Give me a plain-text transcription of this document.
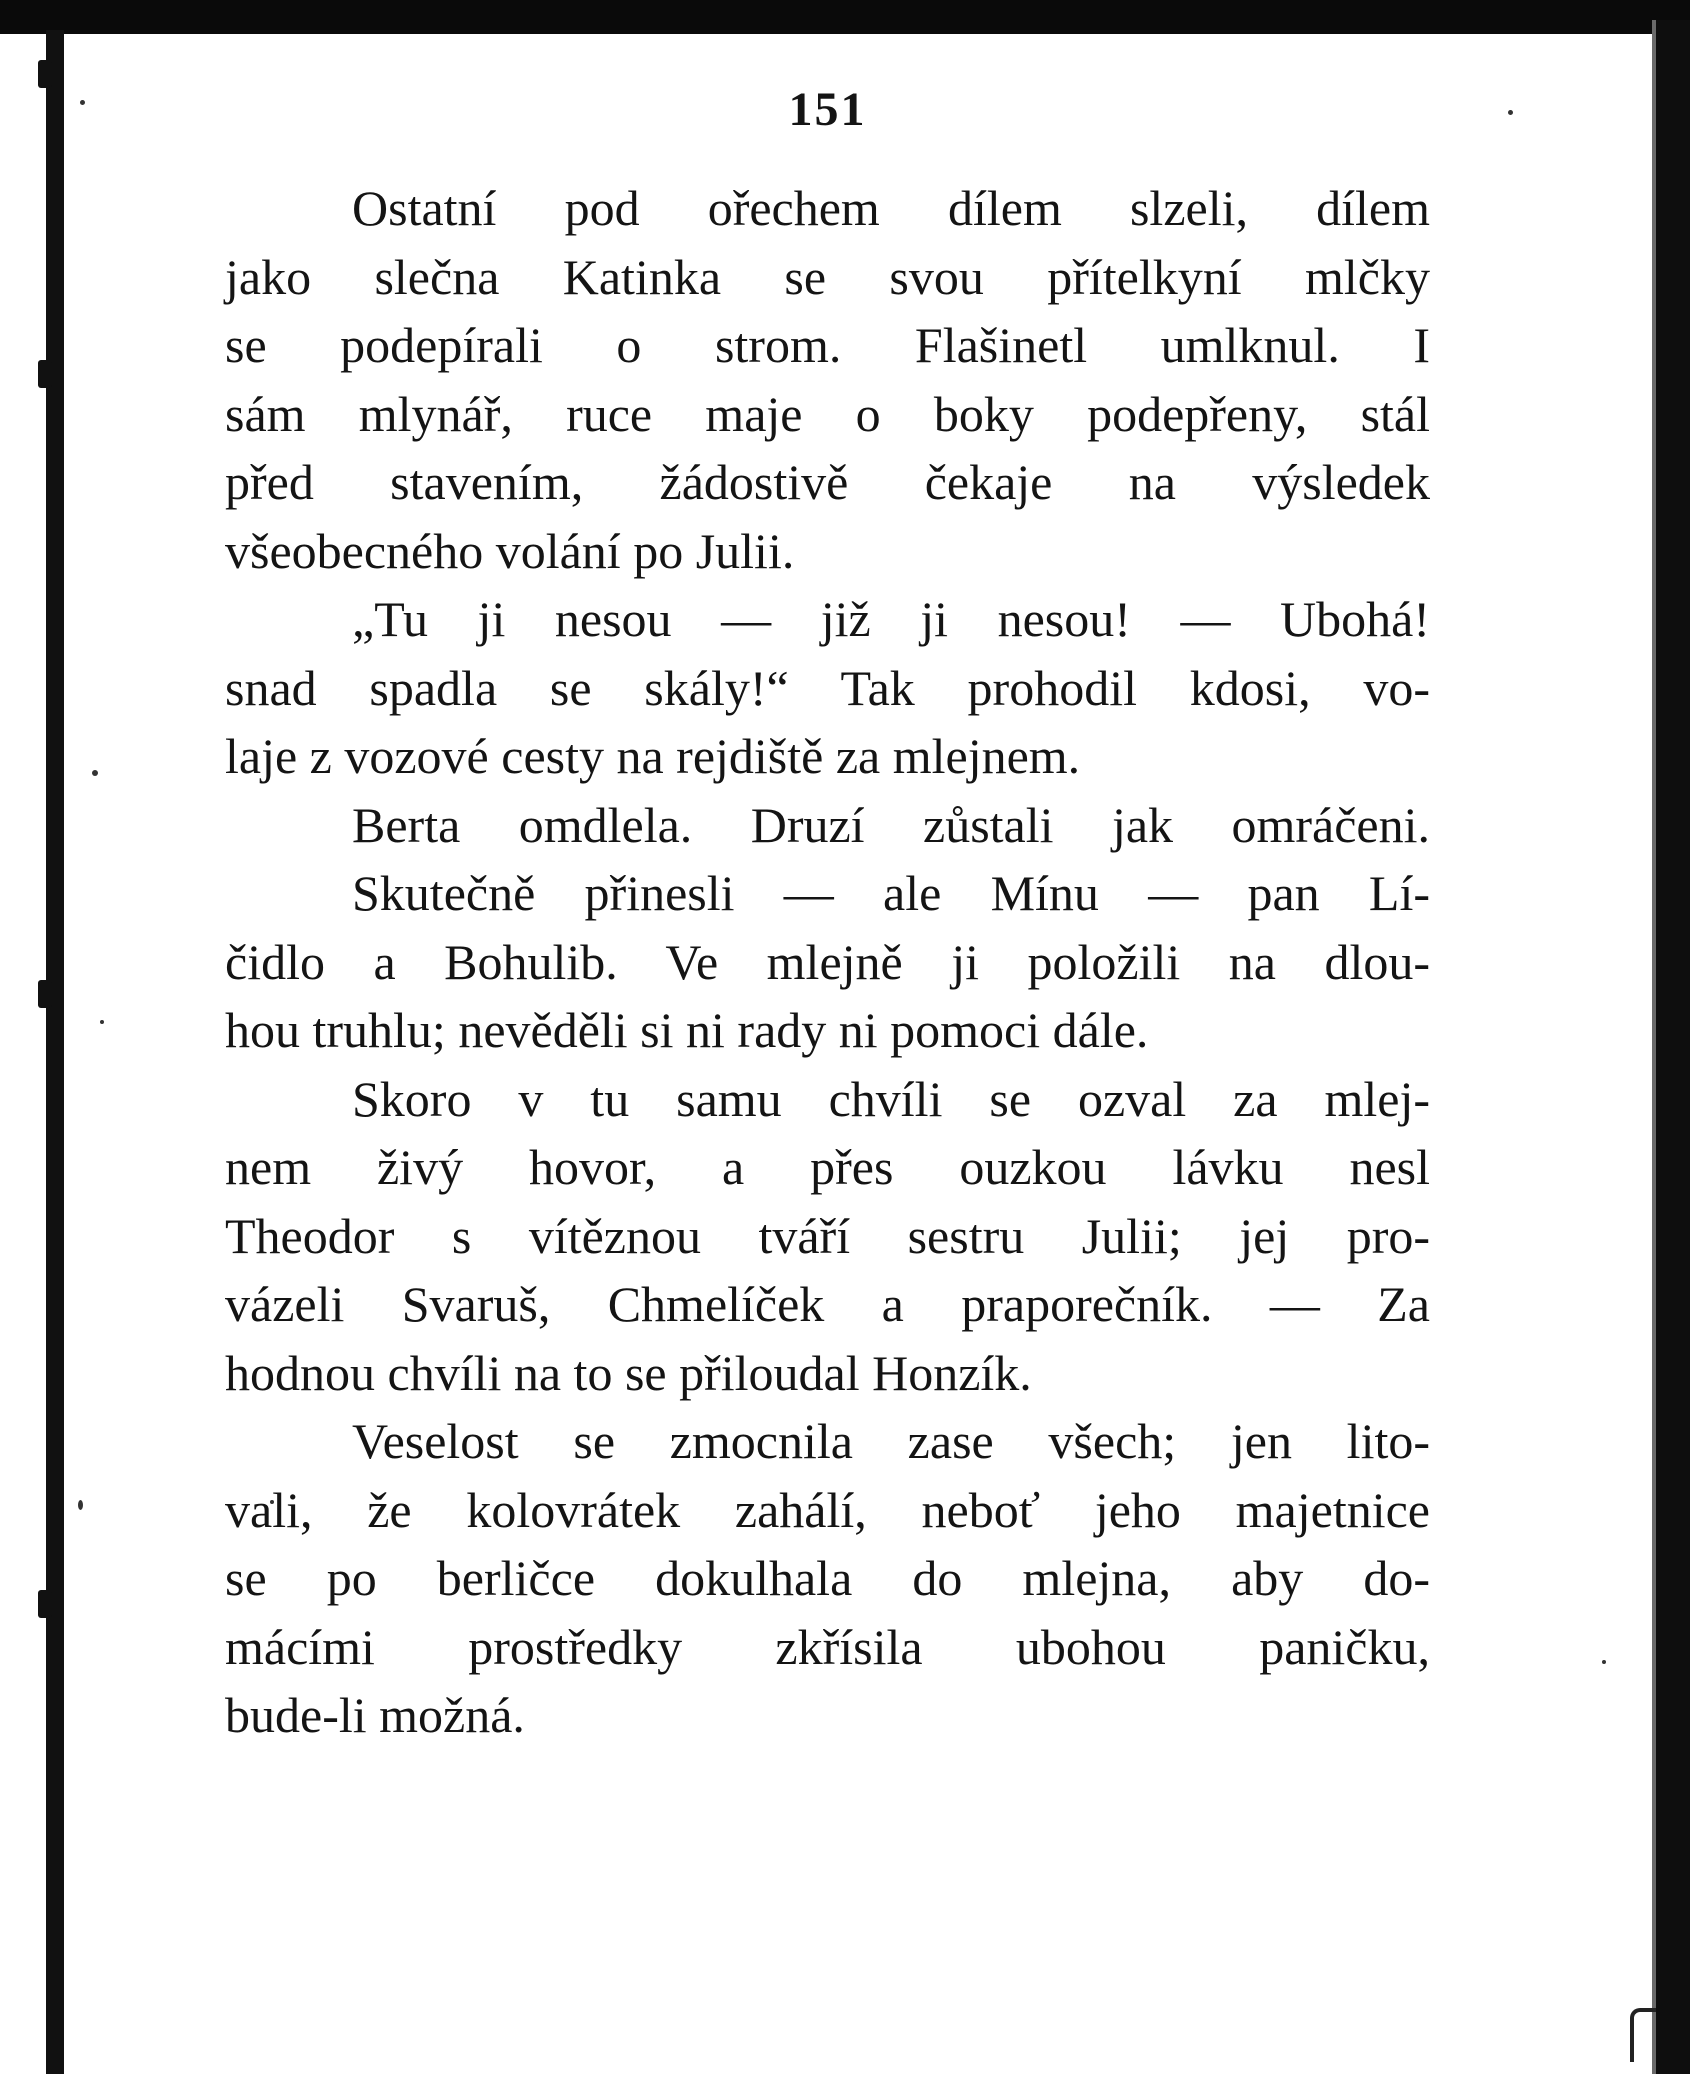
151
Ostatní pod ořechem dílem slzeli, dílem
jako slečna Katinka se svou přítelkyní mlčky
se podepírali o strom. Flašinetl umlknul. I
sám mlynář, ruce maje o boky podepřeny, stál
před stavením, žádostivě čekaje na výsledek
všeobecného volání po Julii.
„Tu ji nesou — již ji nesou! — Ubohá!
snad spadla se skály!“ Tak prohodil kdosi, vo-
laje z vozové cesty na rejdiště za mlejnem.
Berta omdlela. Druzí zůstali jak omráčeni.
Skutečně přinesli — ale Mínu — pan Lí-
čidlo a Bohulib. Ve mlejně ji položili na dlou-
hou truhlu; nevěděli si ni rady ni pomoci dále.
Skoro v tu samu chvíli se ozval za mlej-
nem živý hovor, a přes ouzkou lávku nesl
Theodor s vítěznou tváří sestru Julii; jej pro-
vázeli Svaruš, Chmelíček a praporečník. — Za
hodnou chvíli na to se přiloudal Honzík.
Veselost se zmocnila zase všech; jen lito-
vali, že kolovrátek zahálí, neboť jeho majetnice
se po berličce dokulhala do mlejna, aby do-
mácími prostředky zkřísila ubohou paničku,
bude-li možná.
